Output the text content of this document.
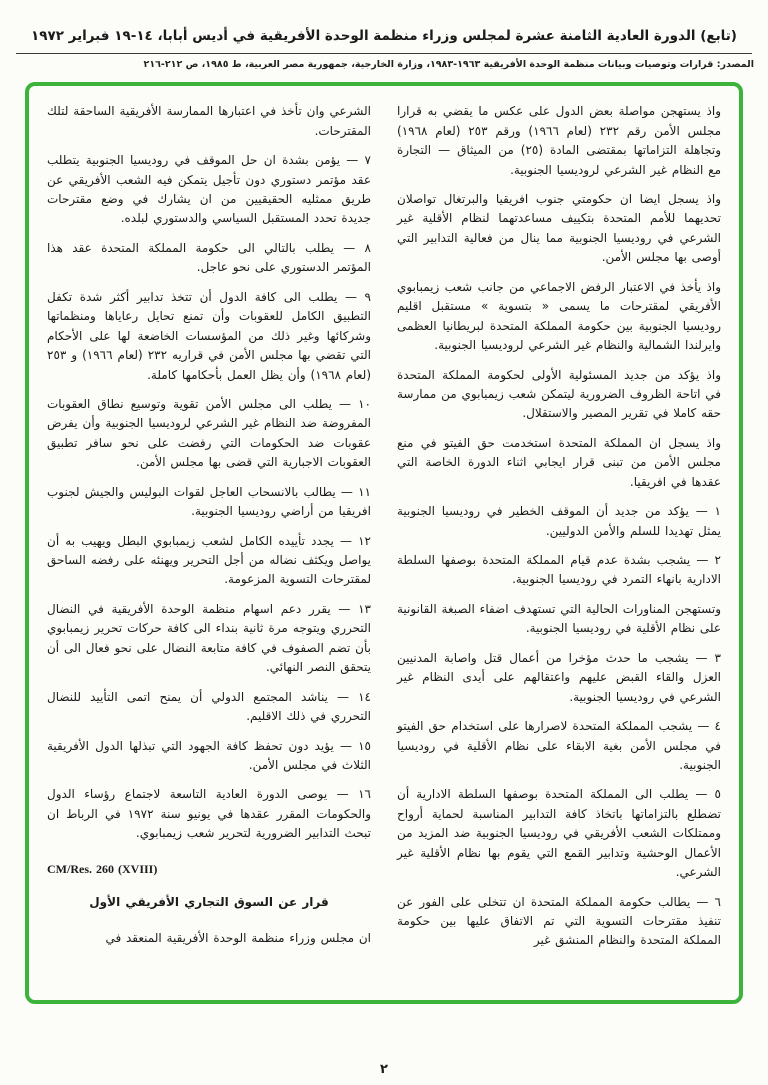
(تابع) الدورة العادية الثامنة عشرة لمجلس وزراء منظمة الوحدة الأفريقية في أديس أبابا، ١٤-١٩ فبراير ١٩٧٢
المصدر: قرارات وتوصيات وبيانات منظمة الوحدة الأفريقية ١٩٦٣-١٩٨٣، وزارة الخارجية، جمهورية مصر العربية، ط ١٩٨٥، ص ٢١٢-٢١٦

واذ يستهجن مواصلة بعض الدول على عكس ما يقضي به قرارا مجلس الأمن رقم ٢٣٢ (لعام ١٩٦٦) ورقم ٢٥٣ (لعام ١٩٦٨) وتجاهلة التزاماتها بمقتضى المادة (٢٥) من الميثاق — التجارة مع النظام غير الشرعي لروديسيا الجنوبية.

واذ يسجل ايضا ان حكومتي جنوب افريقيا والبرتغال تواصلان تحديهما للأمم المتحدة بتكييف مساعدتهما لنظام الأقلية غير الشرعي في روديسيا الجنوبية مما ينال من فعالية التدابير التي أوصى بها مجلس الأمن.

واذ يأخذ في الاعتبار الرفض الاجماعي من جانب شعب زيمبابوي الأفريقي لمقترحات ما يسمى « بتسوية » مستقبل اقليم روديسيا الجنوبية بين حكومة المملكة المتحدة لبريطانيا العظمى وايرلندا الشمالية والنظام غير الشرعي لروديسيا الجنوبية.

واذ يؤكد من جديد المسئولية الأولى لحكومة المملكة المتحدة في اتاحة الظروف الضرورية ليتمكن شعب زيمبابوي من ممارسة حقه كاملا في تقرير المصير والاستقلال.

واذ يسجل ان المملكة المتحدة استخدمت حق الفيتو في منع مجلس الأمن من تبنى قرار ايجابي اثناء الدورة الخاصة التي عقدها في افريقيا.

١ — يؤكد من جديد أن الموقف الخطير في روديسيا الجنوبية يمثل تهديدا للسلم والأمن الدوليين.

٢ — يشجب بشدة عدم قيام المملكة المتحدة بوصفها السلطة الادارية بانهاء التمرد في روديسيا الجنوبية.

وتستهجن المناورات الحالية التي تستهدف اضفاء الصبغة القانونية على نظام الأقلية في روديسيا الجنوبية.

٣ — يشجب ما حدث مؤخرا من أعمال قتل واصابة المدنيين العزل والقاء القبض عليهم واعتقالهم على أيدى النظام غير الشرعي في روديسيا الجنوبية.

٤ — يشجب المملكة المتحدة لاصرارها على استخدام حق الفيتو في مجلس الأمن بغية الابقاء على نظام الأقلية في روديسيا الجنوبية.

٥ — يطلب الى المملكة المتحدة بوصفها السلطة الادارية أن تضطلع بالتزاماتها باتخاذ كافة التدابير المناسبة لحماية أرواح وممتلكات الشعب الأفريقي في روديسيا الجنوبية ضد المزيد من الأعمال الوحشية وتدابير القمع التي يقوم بها نظام الأقلية غير الشرعي.

٦ — يطالب حكومة المملكة المتحدة ان تتخلى على الفور عن تنفيذ مقترحات التسوية التي تم الاتفاق عليها بين حكومة المملكة المتحدة والنظام المنشق غير

الشرعي وان تأخذ في اعتبارها الممارسة الأفريقية الساحقة لتلك المقترحات.

٧ — يؤمن بشدة ان حل الموقف في روديسيا الجنوبية يتطلب عقد مؤتمر دستوري دون تأجيل يتمكن فيه الشعب الأفريقي عن طريق ممثليه الحقيقيين من ان يشارك في وضع مقترحات جديدة تحدد المستقبل السياسي والدستوري لبلده.

٨ — يطلب بالتالي الى حكومة المملكة المتحدة عقد هذا المؤتمر الدستوري على نحو عاجل.

٩ — يطلب الى كافة الدول أن تتخذ تدابير أكثر شدة تكفل التطبيق الكامل للعقوبات وأن تمنع تحايل رعاياها ومنظماتها وشركائها وغير ذلك من المؤسسات الخاضعة لها على الأحكام التي تقضي بها مجلس الأمن في قراريه ٢٣٢ (لعام ١٩٦٦) و ٢٥٣ (لعام ١٩٦٨) وأن يظل العمل بأحكامها كاملة.

١٠ — يطلب الى مجلس الأمن تقوية وتوسيع نطاق العقوبات المفروضة ضد النظام غير الشرعي لروديسيا الجنوبية وأن يفرض عقوبات ضد الحكومات التي رفضت على نحو سافر تطبيق العقوبات الاجبارية التي قضى بها مجلس الأمن.

١١ — يطالب بالانسحاب العاجل لقوات البوليس والجيش لجنوب افريقيا من أراضي روديسيا الجنوبية.

١٢ — يجدد تأييده الكامل لشعب زيمبابوي البطل ويهيب به أن يواصل ويكثف نضاله من أجل التحرير ويهنئه على رفضه الساحق لمقترحات التسوية المزعومة.

١٣ — يقرر دعم اسهام منظمة الوحدة الأفريقية في النضال التحرري ويتوجه مرة ثانية بنداء الى كافة حركات تحرير زيمبابوي بأن تضم الصفوف في كافة متابعة النضال على نحو فعال الى أن يتحقق النصر النهائي.

١٤ — يناشد المجتمع الدولي أن يمنح اتمى التأييد للنضال التحرري في ذلك الاقليم.

١٥ — يؤيد دون تحفظ كافة الجهود التي تبذلها الدول الأفريقية الثلاث في مجلس الأمن.

١٦ — يوصى الدورة العادية التاسعة لاجتماع رؤساء الدول والحكومات المقرر عقدها في يونيو سنة ١٩٧٢ في الرباط ان تبحث التدابير الضرورية لتحرير شعب زيمبابوي.

CM/Res. 260 (XVIII)

قرار عن السوق التجاري الأفريقي الأول

ان مجلس وزراء منظمة الوحدة الأفريقية المنعقد في

٢
